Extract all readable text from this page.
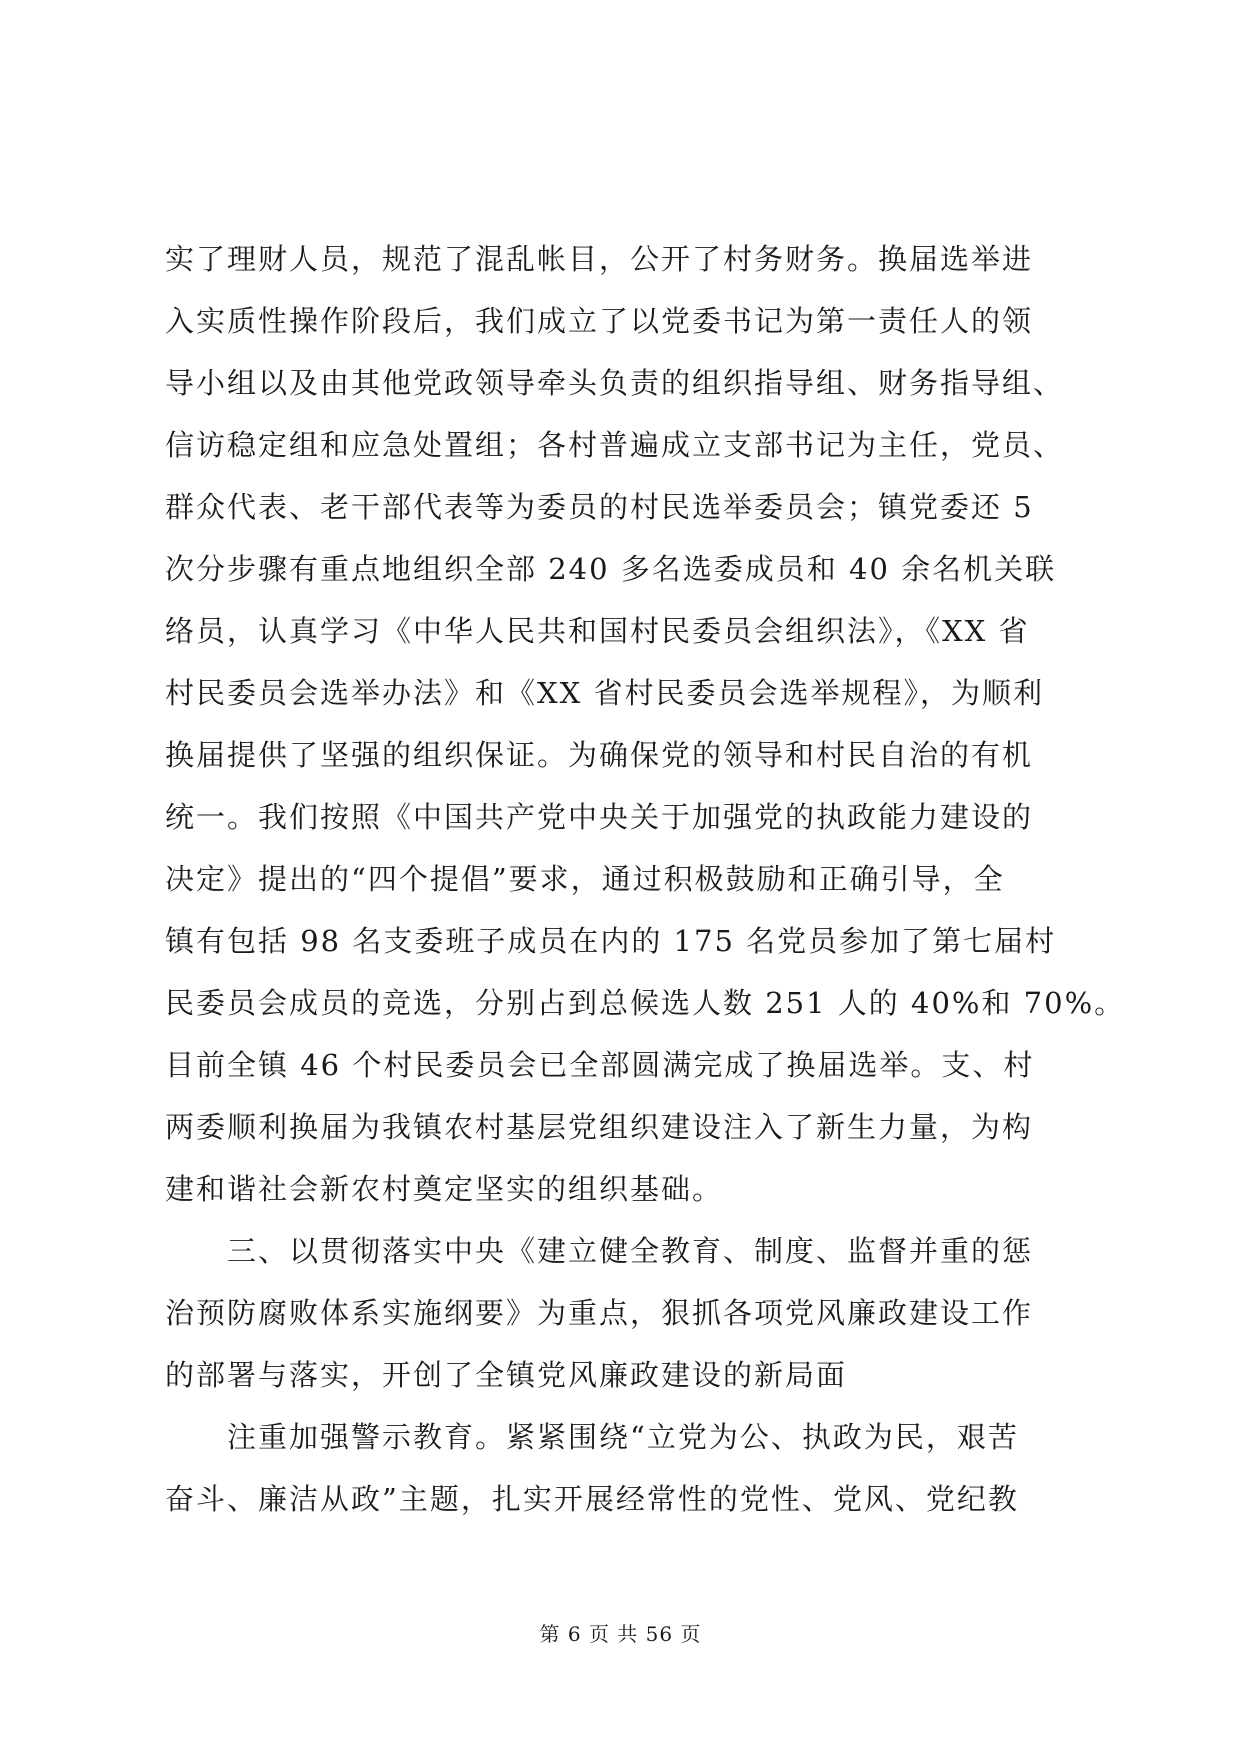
实了理财人员，规范了混乱帐目，公开了村务财务。换届选举进
入实质性操作阶段后，我们成立了以党委书记为第一责任人的领
导小组以及由其他党政领导牵头负责的组织指导组、财务指导组、
信访稳定组和应急处置组；各村普遍成立支部书记为主任，党员、
群众代表、老干部代表等为委员的村民选举委员会；镇党委还 5
次分步骤有重点地组织全部 240 多名选委成员和 40 余名机关联
络员，认真学习《中华人民共和国村民委员会组织法》，《XX 省
村民委员会选举办法》和《XX 省村民委员会选举规程》，为顺利
换届提供了坚强的组织保证。为确保党的领导和村民自治的有机
统一。我们按照《中国共产党中央关于加强党的执政能力建设的
决定》提出的“四个提倡”要求，通过积极鼓励和正确引导，全
镇有包括 98 名支委班子成员在内的 175 名党员参加了第七届村
民委员会成员的竞选，分别占到总候选人数 251 人的 40%和 70%。
目前全镇 46 个村民委员会已全部圆满完成了换届选举。支、村
两委顺利换届为我镇农村基层党组织建设注入了新生力量，为构
建和谐社会新农村奠定坚实的组织基础。
　　三、以贯彻落实中央《建立健全教育、制度、监督并重的惩
治预防腐败体系实施纲要》为重点，狠抓各项党风廉政建设工作
的部署与落实，开创了全镇党风廉政建设的新局面
　　注重加强警示教育。紧紧围绕“立党为公、执政为民，艰苦
奋斗、廉洁从政”主题，扎实开展经常性的党性、党风、党纪教
第 6 页 共 56 页
